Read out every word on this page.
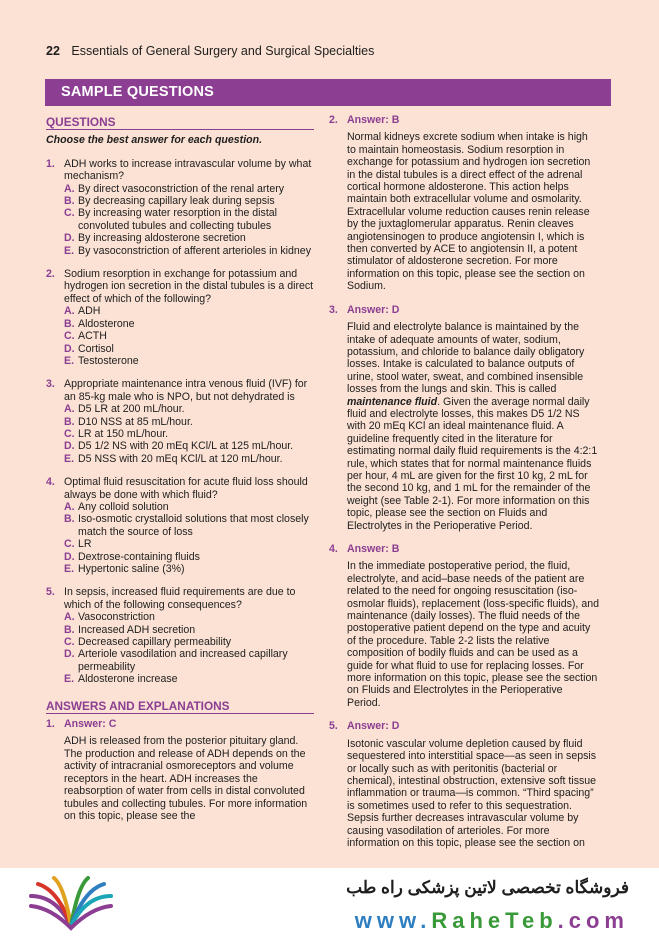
22 Essentials of General Surgery and Surgical Specialties
SAMPLE QUESTIONS
QUESTIONS
Choose the best answer for each question.
1. ADH works to increase intravascular volume by what mechanism?
A. By direct vasoconstriction of the renal artery
B. By decreasing capillary leak during sepsis
C. By increasing water resorption in the distal convoluted tubules and collecting tubules
D. By increasing aldosterone secretion
E. By vasoconstriction of afferent arterioles in kidney
2. Sodium resorption in exchange for potassium and hydrogen ion secretion in the distal tubules is a direct effect of which of the following?
A. ADH
B. Aldosterone
C. ACTH
D. Cortisol
E. Testosterone
3. Appropriate maintenance intra venous fluid (IVF) for an 85-kg male who is NPO, but not dehydrated is
A. D5 LR at 200 mL/hour.
B. D10 NSS at 85 mL/hour.
C. LR at 150 mL/hour.
D. D5 1/2 NS with 20 mEq KCl/L at 125 mL/hour.
E. D5 NSS with 20 mEq KCl/L at 120 mL/hour.
4. Optimal fluid resuscitation for acute fluid loss should always be done with which fluid?
A. Any colloid solution
B. Iso-osmotic crystalloid solutions that most closely match the source of loss
C. LR
D. Dextrose-containing fluids
E. Hypertonic saline (3%)
5. In sepsis, increased fluid requirements are due to which of the following consequences?
A. Vasoconstriction
B. Increased ADH secretion
C. Decreased capillary permeability
D. Arteriole vasodilation and increased capillary permeability
E. Aldosterone increase
ANSWERS AND EXPLANATIONS
1. Answer: C
ADH is released from the posterior pituitary gland. The production and release of ADH depends on the activity of intracranial osmoreceptors and volume receptors in the heart. ADH increases the reabsorption of water from cells in distal convoluted tubules and collecting tubules. For more information on this topic, please see the
2. Answer: B
Normal kidneys excrete sodium when intake is high to maintain homeostasis. Sodium resorption in exchange for potassium and hydrogen ion secretion in the distal tubules is a direct effect of the adrenal cortical hormone aldosterone. This action helps maintain both extracellular volume and osmolarity. Extracellular volume reduction causes renin release by the juxtaglomerular apparatus. Renin cleaves angiotensinogen to produce angiotensin I, which is then converted by ACE to angiotensin II, a potent stimulator of aldosterone secretion. For more information on this topic, please see the section on Sodium.
3. Answer: D
Fluid and electrolyte balance is maintained by the intake of adequate amounts of water, sodium, potassium, and chloride to balance daily obligatory losses. Intake is calculated to balance outputs of urine, stool water, sweat, and combined insensible losses from the lungs and skin. This is called maintenance fluid. Given the average normal daily fluid and electrolyte losses, this makes D5 1/2 NS with 20 mEq KCl an ideal maintenance fluid. A guideline frequently cited in the literature for estimating normal daily fluid requirements is the 4:2:1 rule, which states that for normal maintenance fluids per hour, 4 mL are given for the first 10 kg, 2 mL for the second 10 kg, and 1 mL for the remainder of the weight (see Table 2-1). For more information on this topic, please see the section on Fluids and Electrolytes in the Perioperative Period.
4. Answer: B
In the immediate postoperative period, the fluid, electrolyte, and acid–base needs of the patient are related to the need for ongoing resuscitation (iso-osmolar fluids), replacement (loss-specific fluids), and maintenance (daily losses). The fluid needs of the postoperative patient depend on the type and acuity of the procedure. Table 2-2 lists the relative composition of bodily fluids and can be used as a guide for what fluid to use for replacing losses. For more information on this topic, please see the section on Fluids and Electrolytes in the Perioperative Period.
5. Answer: D
Isotonic vascular volume depletion caused by fluid sequestered into interstitial space—as seen in sepsis or locally such as with peritonitis (bacterial or chemical), intestinal obstruction, extensive soft tissue inflammation or trauma—is common. “Third spacing” is sometimes used to refer to this sequestration. Sepsis further decreases intravascular volume by causing vasodilation of arterioles. For more information on this topic, please see the section on
فروشگاه تخصصی لاتین پزشکی راه طب
www.RaheTeb.com
